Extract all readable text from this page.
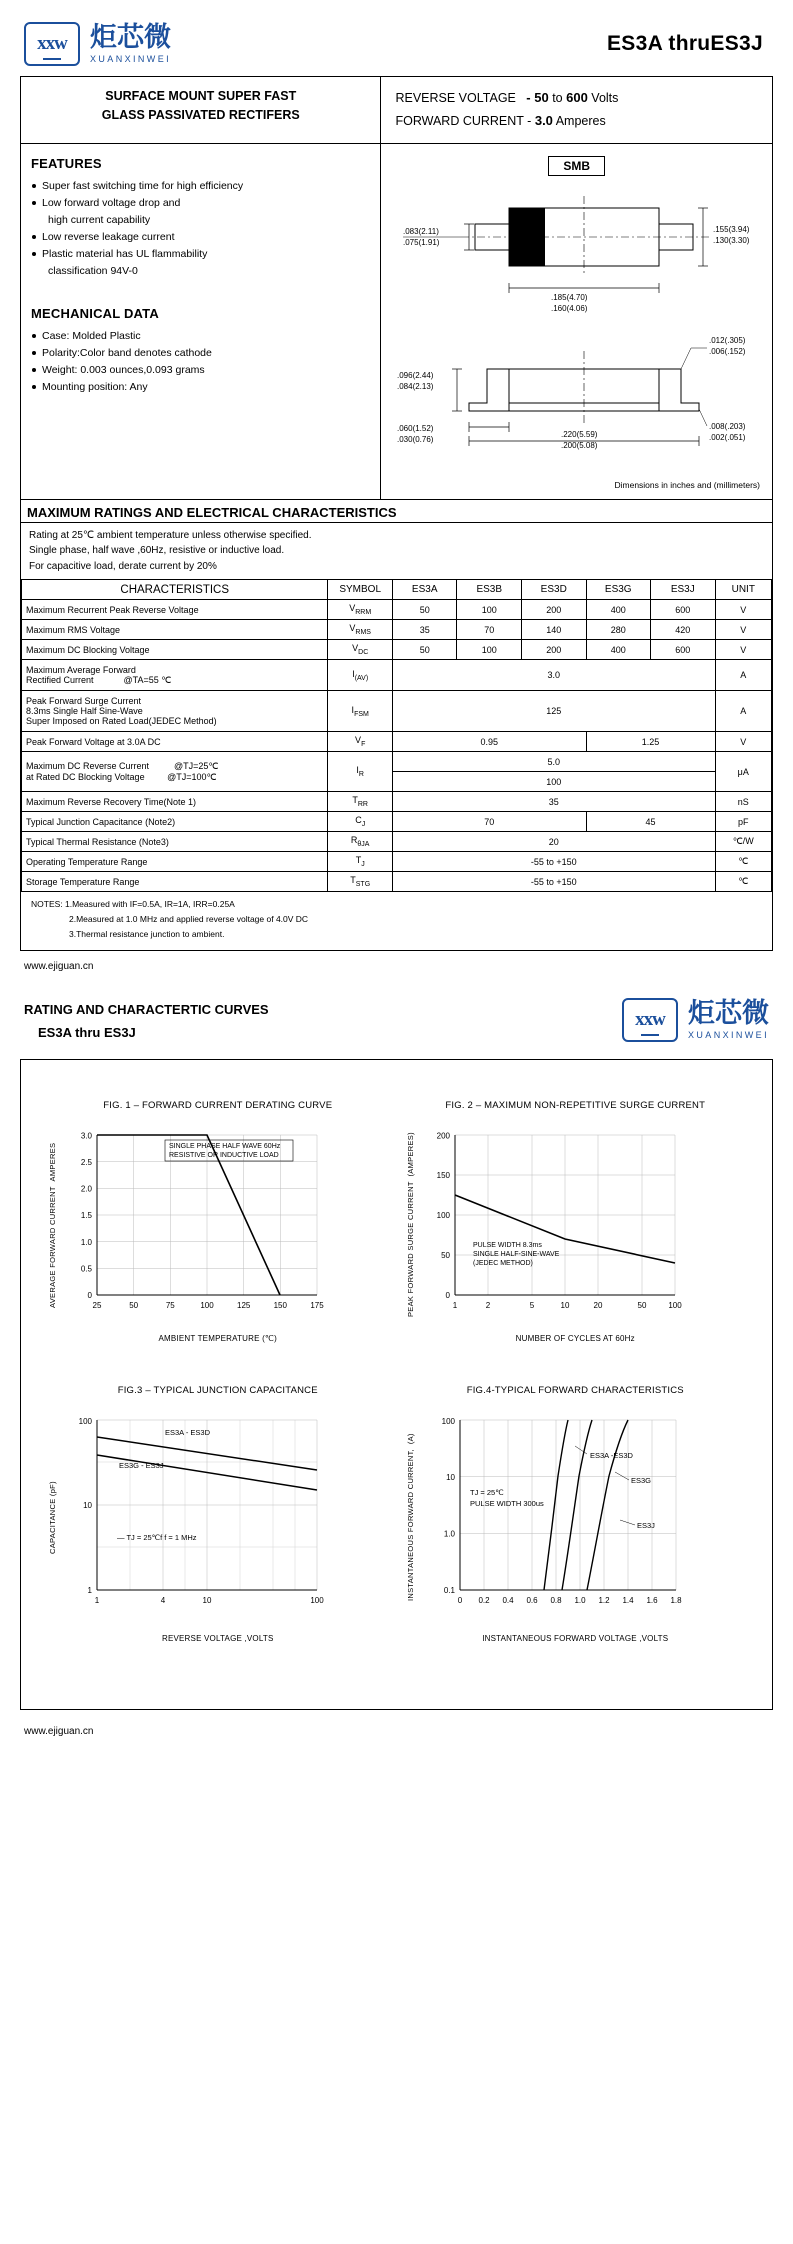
xxw 炬芯微
XUANXINWEI
ES3A thruES3J
SURFACE MOUNT SUPER FAST
GLASS PASSIVATED RECTIFERS
REVERSE VOLTAGE - 50 to 600 Volts
FORWARD CURRENT - 3.0 Amperes
FEATURES
Super fast switching time for high efficiency
Low forward voltage drop and
high current capability
Low reverse leakage current
Plastic material has UL flammability
classification 94V-0
MECHANICAL DATA
Case: Molded Plastic
Polarity:Color band denotes cathode
Weight: 0.003 ounces,0.093 grams
Mounting position: Any
SMB
.083(2.11)
.075(1.91)
.155(3.94)
.130(3.30)
.185(4.70)
.160(4.06)
.012(.305)
.006(.152)
.096(2.44)
.084(2.13)
.060(1.52)
.030(0.76)
.220(5.59)
.200(5.08)
.008(.203)
.002(.051)
Dimensions in inches and (millimeters)
MAXIMUM RATINGS AND ELECTRICAL CHARACTERISTICS
Rating at 25℃ ambient temperature unless otherwise specified.
Single phase, half wave ,60Hz, resistive or inductive load.
For capacitive load, derate current by 20%
CHARACTERISTICS	SYMBOL	ES3A	ES3B	ES3D	ES3G	ES3J	UNIT
Maximum Recurrent Peak Reverse Voltage	$V_{RRM}$	50	100	200	400	600	V
Maximum RMS Voltage	$V_{RMS}$	35	70	140	280	420	V
Maximum DC Blocking Voltage	$V_{DC}$	50	100	200	400	600	V

Maximum Average Forward
Rectified Current            @TA=55 ℃	$I_{(AV)}$	3.0					A

Peak Forward Surge Current
8.3ms Single Half Sine-Wave
Super Imposed on Rated Load(JEDEC Method)	$I_{FSM}$	125					A
Peak Forward Voltage at 3.0A DC	$V_F$	0.95			1.25		V

Maximum DC Reverse Current          @TJ=25℃
at Rated DC Blocking Voltage         @TJ=100℃	$I_R$	5.0					μA
		100					
Maximum Reverse Recovery Time(Note 1)	$T_{RR}$	35					nS
Typical Junction Capacitance (Note2)	$C_J$	70			45		pF
Typical Thermal Resistance (Note3)	$R_{\theta JA}$	20					℃/W
Operating Temperature Range	$T_J$	-55 to +150					℃
Storage Temperature Range	$T_{STG}$	-55 to +150					℃
NOTES: 1.Measured with IF=0.5A, IR=1A, IRR=0.25A
2.Measured at 1.0 MHz and applied reverse voltage of 4.0V DC
3.Thermal resistance junction to ambient.
www.ejiguan.cn
RATING AND CHARACTERTIC CURVES
ES3A thru ES3J
xxw 炬芯微
XUANXINWEI
FIG. 1 – FORWARD CURRENT DERATING CURVE
AVERAGE FORWARD CURRENT  AMPERES	25	50	75	100	125	150	175
0
0.5
1.0
1.5
2.0
2.5
3.0
SINGLE PHASE HALF WAVE 60Hz
RESISTIVE OR INDUCTIVE LOAD
AMBIENT TEMPERATURE (℃)
FIG. 2 – MAXIMUM NON-REPETITIVE SURGE CURRENT
PEAK FORWARD SURGE CURRENT  (AMPERES)	1	2	5	10	20	50	100
0
50
100
150
200
PULSE WIDTH 8.3ms
SINGLE HALF-SINE-WAVE
(JEDEC METHOD)
NUMBER OF CYCLES AT 60Hz
FIG.3 – TYPICAL JUNCTION CAPACITANCE
CAPACITANCE (pF)
1	4	10	100
1
10
100
ES3A - ES3D
ES3G - ES3J
— TJ = 25℃f f = 1 MHz
REVERSE VOLTAGE ,VOLTS
FIG.4-TYPICAL FORWARD CHARACTERISTICS
INSTANTANEOUS FORWARD CURRENT,  (A)	0 0.2 0.4 0.6 0.8 1.0 1.2 1.4 1.6 1.8
0.1
1.0
10
100
ES3A -ES3D
ES3G
ES3J
TJ = 25℃
PULSE WIDTH 300us
INSTANTANEOUS FORWARD VOLTAGE ,VOLTS
www.ejiguan.cn
